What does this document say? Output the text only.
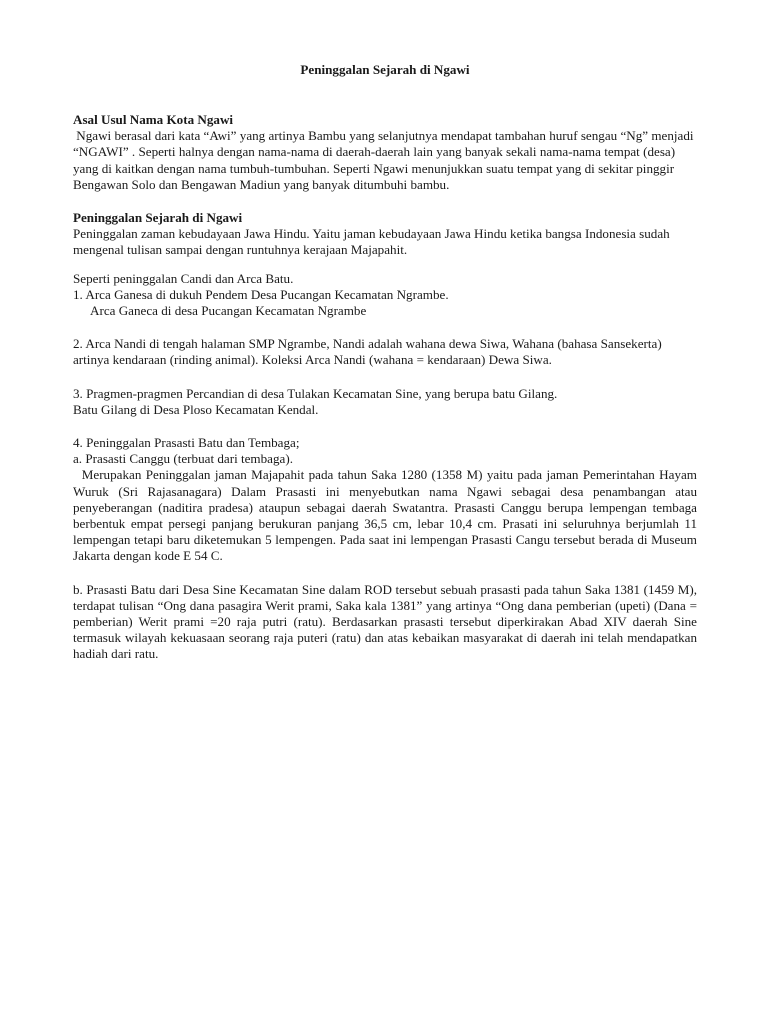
Peninggalan Sejarah di Ngawi

Asal Usul Nama Kota Ngawi

Ngawi berasal dari kata “Awi” yang artinya Bambu yang selanjutnya mendapat tambahan huruf sengau “Ng” menjadi “NGAWI” . Seperti halnya dengan nama-nama di daerah-daerah lain yang banyak sekali nama-nama tempat (desa) yang di kaitkan dengan nama tumbuh-tumbuhan. Seperti Ngawi menunjukkan suatu tempat yang di sekitar pinggir Bengawan Solo dan Bengawan Madiun yang banyak ditumbuhi bambu.

Peninggalan Sejarah di Ngawi

Peninggalan zaman kebudayaan Jawa Hindu. Yaitu jaman kebudayaan Jawa Hindu ketika bangsa Indonesia sudah mengenal tulisan sampai dengan runtuhnya kerajaan Majapahit.

Seperti peninggalan Candi dan Arca Batu.

1. Arca Ganesa di dukuh Pendem Desa Pucangan Kecamatan Ngrambe.

Arca Ganeca di desa Pucangan Kecamatan Ngrambe

2. Arca Nandi di tengah halaman SMP Ngrambe, Nandi adalah wahana dewa Siwa, Wahana (bahasa Sansekerta) artinya kendaraan (rinding animal). Koleksi Arca Nandi (wahana = kendaraan) Dewa Siwa.

3. Pragmen-pragmen Percandian di desa Tulakan Kecamatan Sine, yang berupa batu Gilang.

Batu Gilang di Desa Ploso Kecamatan Kendal.

4. Peninggalan Prasasti Batu dan Tembaga;

a. Prasasti Canggu (terbuat dari tembaga).

Merupakan Peninggalan jaman Majapahit pada tahun Saka 1280 (1358 M) yaitu pada jaman Pemerintahan Hayam Wuruk (Sri Rajasanagara) Dalam Prasasti ini menyebutkan nama Ngawi sebagai desa penambangan atau penyeberangan (naditira pradesa) ataupun sebagai daerah Swatantra. Prasasti Canggu berupa lempengan tembaga berbentuk empat persegi panjang berukuran panjang 36,5 cm, lebar 10,4 cm. Prasati ini seluruhnya berjumlah 11 lempengan tetapi baru diketemukan 5 lempengen. Pada saat ini lempengan Prasasti Cangu tersebut berada di Museum Jakarta dengan kode E 54 C.

b. Prasasti Batu dari Desa Sine Kecamatan Sine dalam ROD tersebut sebuah prasasti pada tahun Saka 1381 (1459 M), terdapat tulisan “Ong dana pasagira Werit prami, Saka kala 1381” yang artinya “Ong dana pemberian (upeti) (Dana = pemberian) Werit prami =20 raja putri (ratu). Berdasarkan prasasti tersebut diperkirakan Abad XIV daerah Sine termasuk wilayah kekuasaan seorang raja puteri (ratu) dan atas kebaikan masyarakat di daerah ini telah mendapatkan hadiah dari ratu.
